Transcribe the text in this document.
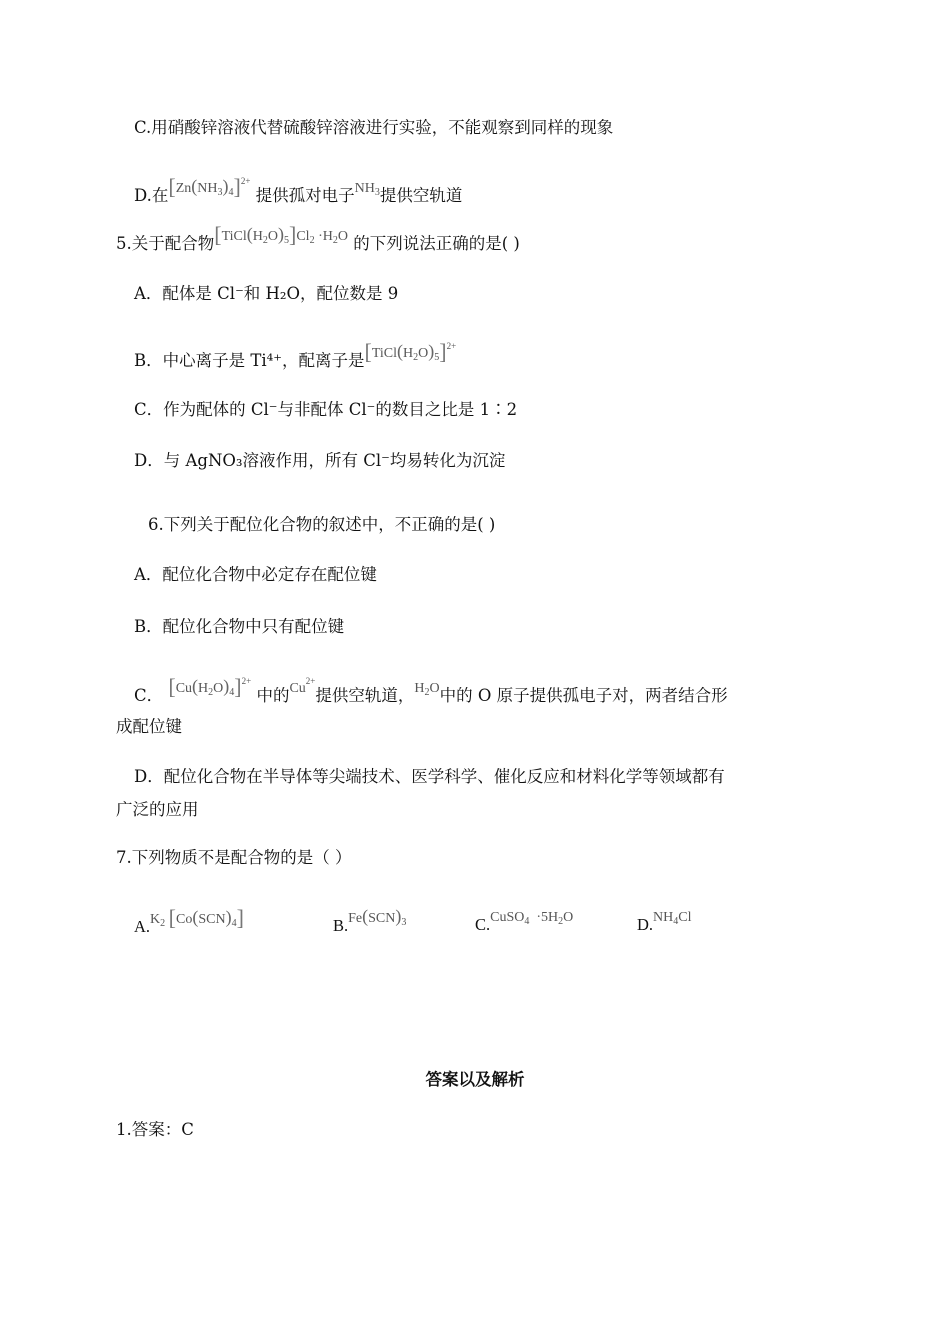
C.用硝酸锌溶液代替硫酸锌溶液进行实验，不能观察到同样的现象
D.在$^{[Zn(NH_3)_4]^{2+}}$ 提供孤对电子$^{NH_3}$提供空轨道
5.关于配合物$^{[TiCl(H_2O)_5]Cl_2 \cdot H_2O}$ 的下列说法正确的是( )
A．配体是 Cl⁻和 H₂O，配位数是 9
B．中心离子是 Ti⁴⁺，配离子是$^{[TiCl(H_2O)_5]^{2+}}$
C．作为配体的 Cl⁻与非配体 Cl⁻的数目之比是 1∶2
D．与 AgNO₃溶液作用，所有 Cl⁻均易转化为沉淀
6.下列关于配位化合物的叙述中，不正确的是( )
A．配位化合物中必定存在配位键
B．配位化合物中只有配位键
C． $^{[Cu(H_2O)_4]^{2+}}$ 中的$^{Cu^{2+}}$提供空轨道，$^{H_2O}$中的 O 原子提供孤电子对，两者结合形
成配位键
D．配位化合物在半导体等尖端技术、医学科学、催化反应和材料化学等领域都有
广泛的应用
7.下列物质不是配合物的是（ ）
A.$^{K_2 [Co(SCN)_4]}$	B.$^{Fe(SCN)_3}$	C.$^{CuSO_4 \cdot 5H_2O}$	D.$^{NH_4Cl}$
答案以及解析
1.答案：C
